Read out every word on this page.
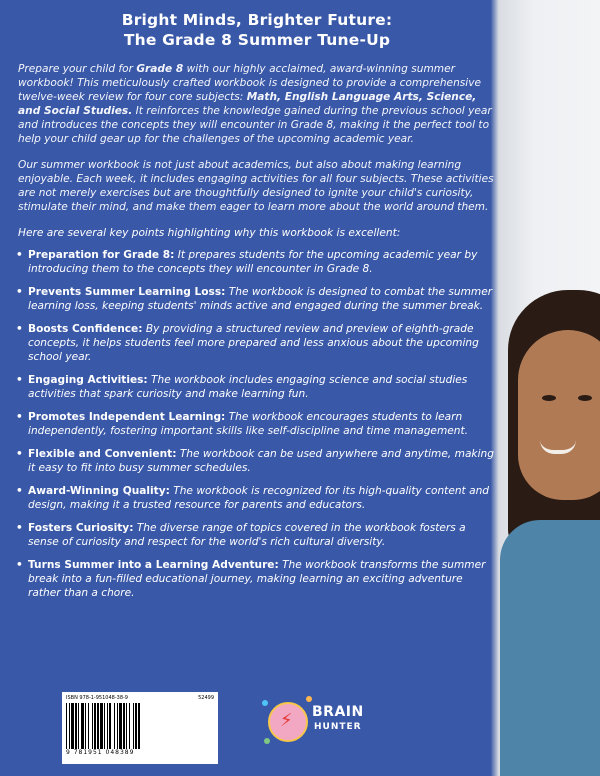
Bright Minds, Brighter Future:
The Grade 8 Summer Tune-Up

Prepare your child for Grade 8 with our highly acclaimed, award-winning summer workbook! This meticulously crafted workbook is designed to provide a comprehensive twelve-week review for four core subjects: Math, English Language Arts, Science, and Social Studies. It reinforces the knowledge gained during the previous school year and introduces the concepts they will encounter in Grade 8, making it the perfect tool to help your child gear up for the challenges of the upcoming academic year.

Our summer workbook is not just about academics, but also about making learning enjoyable. Each week, it includes engaging activities for all four subjects. These activities are not merely exercises but are thoughtfully designed to ignite your child's curiosity, stimulate their mind, and make them eager to learn more about the world around them.

Here are several key points highlighting why this workbook is excellent:

• Preparation for Grade 8: It prepares students for the upcoming academic year by introducing them to the concepts they will encounter in Grade 8.
• Prevents Summer Learning Loss: The workbook is designed to combat the summer learning loss, keeping students' minds active and engaged during the summer break.
• Boosts Confidence: By providing a structured review and preview of eighth-grade concepts, it helps students feel more prepared and less anxious about the upcoming school year.
• Engaging Activities: The workbook includes engaging science and social studies activities that spark curiosity and make learning fun.
• Promotes Independent Learning: The workbook encourages students to learn independently, fostering important skills like self-discipline and time management.
• Flexible and Convenient: The workbook can be used anywhere and anytime, making it easy to fit into busy summer schedules.
• Award-Winning Quality: The workbook is recognized for its high-quality content and design, making it a trusted resource for parents and educators.
• Fosters Curiosity: The diverse range of topics covered in the workbook fosters a sense of curiosity and respect for the world's rich cultural diversity.
• Turns Summer into a Learning Adventure: The workbook transforms the summer break into a fun-filled educational journey, making learning an exciting adventure rather than a chore.
ISBN 978-1-951048-38-9	52499
9 781951 048389
⚡ BRAIN
HUNTER
